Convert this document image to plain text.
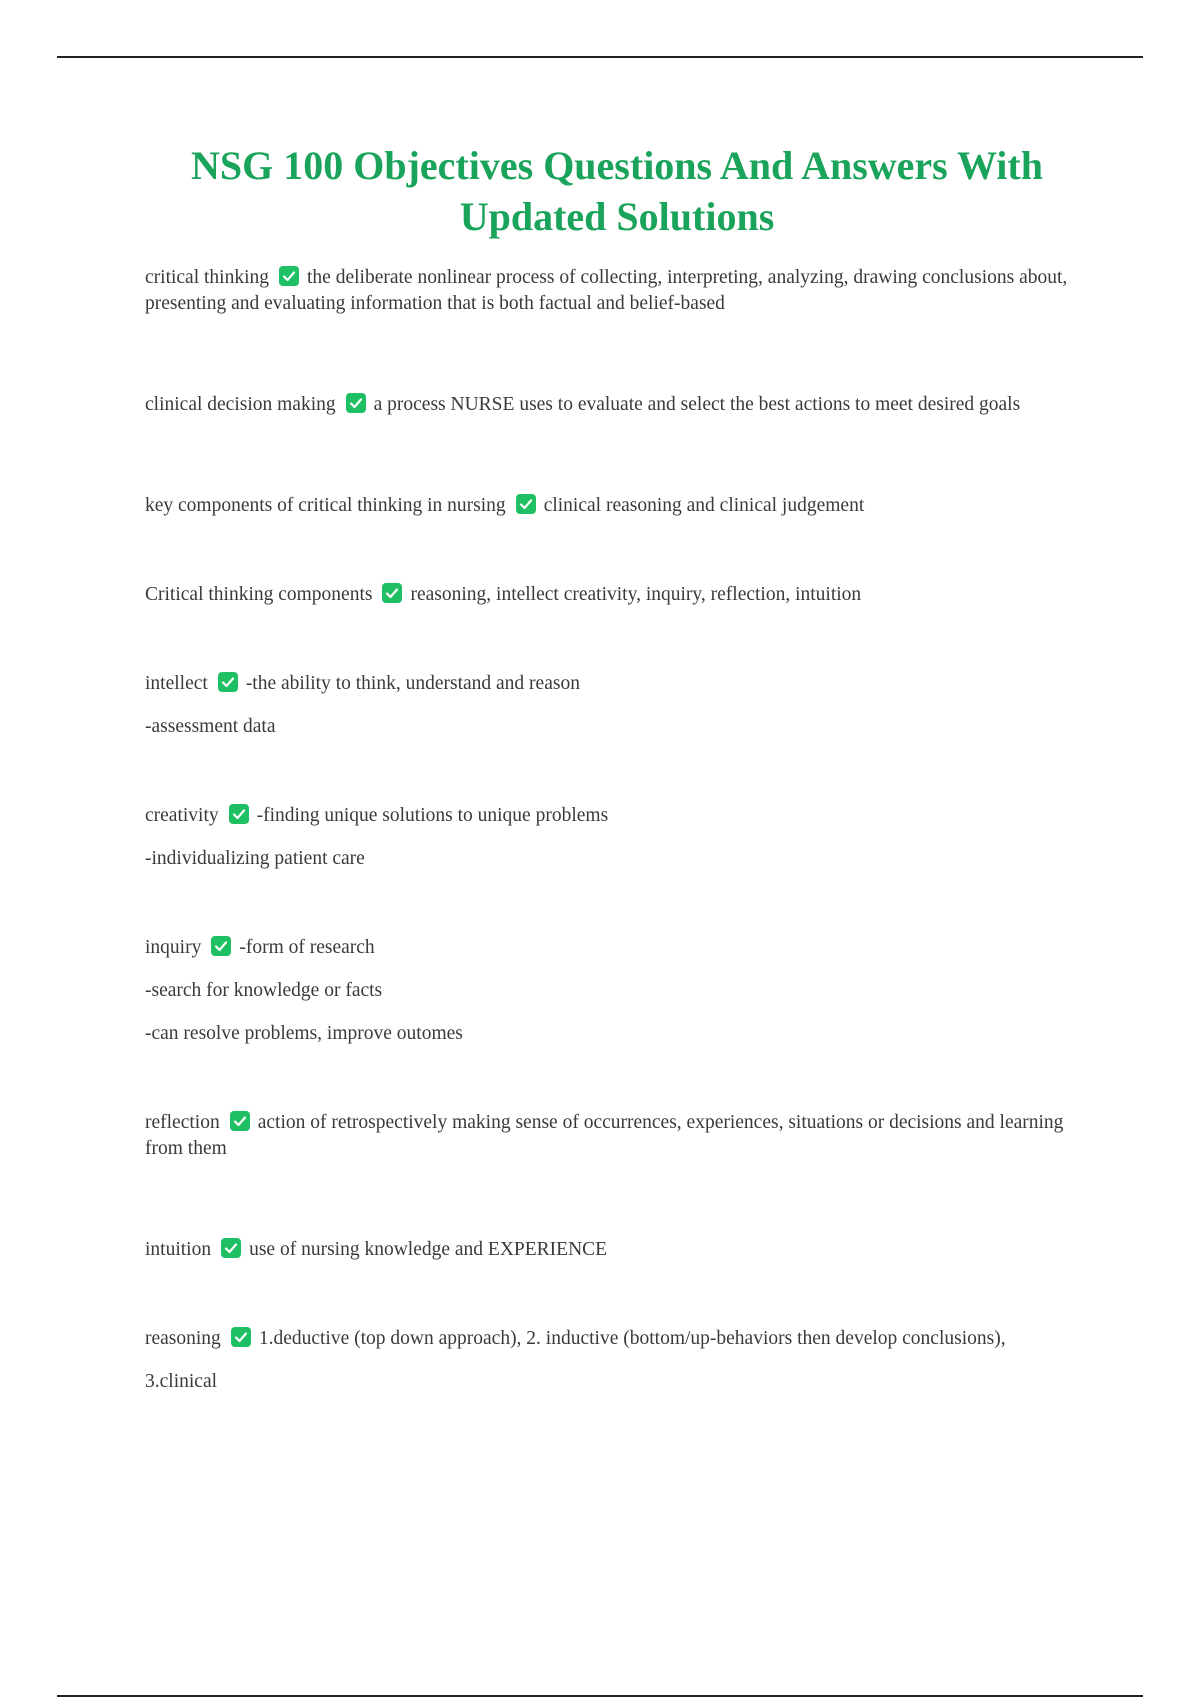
NSG 100 Objectives Questions And Answers With Updated Solutions

critical thinking the deliberate nonlinear process of collecting, interpreting, analyzing, drawing conclusions about, presenting and evaluating information that is both factual and belief-based

clinical decision making a process NURSE uses to evaluate and select the best actions to meet desired goals

key components of critical thinking in nursing clinical reasoning and clinical judgement

Critical thinking components reasoning, intellect creativity, inquiry, reflection, intuition

intellect -the ability to think, understand and reason

-assessment data

creativity -finding unique solutions to unique problems

-individualizing patient care

inquiry -form of research

-search for knowledge or facts

-can resolve problems, improve outomes

reflection action of retrospectively making sense of occurrences, experiences, situations or decisions and learning from them

intuition use of nursing knowledge and EXPERIENCE

reasoning 1.deductive (top down approach), 2. inductive (bottom/up-behaviors then develop conclusions),

3.clinical
